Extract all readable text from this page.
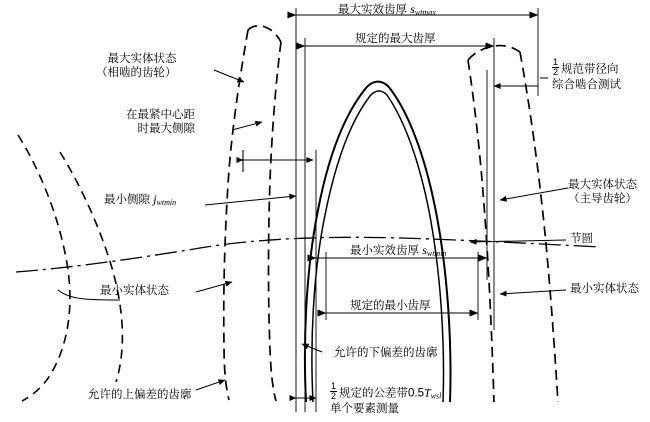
最大实效齿厚 $s_{wtmax}$
规定的最大齿厚
最大实体状态
（相啮的齿轮）
在最紧中心距
时最大侧隙
最小侧隙 $j_{wtmin}$
最小实体状态
允许的上偏差的齿廓
允许的下偏差的齿廓
$\frac{1}{2}$ 规范带径向
综合啮合测试
最大实体状态
（主导齿轮）
节圆
最小实体状态
最小实效齿厚 $s_{wtmin}$
规定的最小齿厚
$\frac{1}{2}$ 规定的公差带$0.5T_{wsl}$
单个要素测量
